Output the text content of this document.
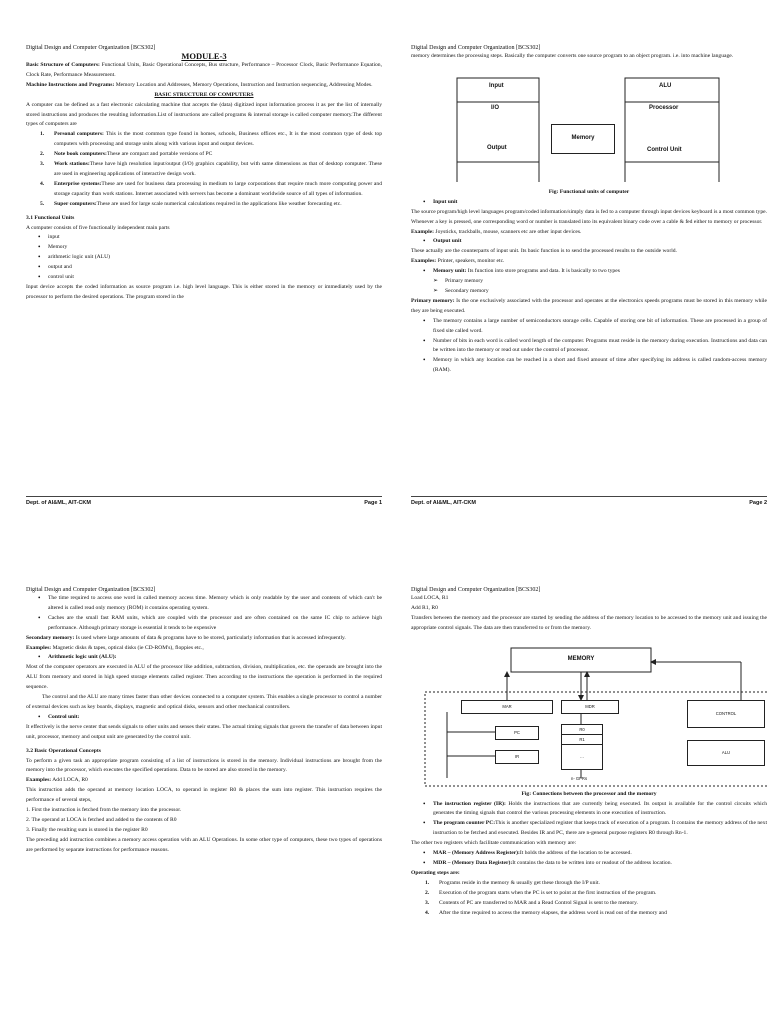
Digital Design and Computer Organization [BCS302]
MODULE-3

Basic Structure of Computers: Functional Units, Basic Operational Concepts, Bus structure, Performance – Processor Clock, Basic Performance Equation, Clock Rate, Performance Measurement.

Machine Instructions and Programs: Memory Location and Addresses, Memory Operations, Instruction and Instruction sequencing, Addressing Modes.

BASIC STRUCTURE OF COMPUTERS

A computer can be defined as a fast electronic calculating machine that accepts the (data) digitized input information process it as per the list of internally stored instructions and produces the resulting information.List of instructions are called programs & internal storage is called computer memory.The different types of computers are

1. Personal computers: This is the most common type found in homes, schools, Business offices etc., It is the most common type of desk top computers with processing and storage units along with various input and output devices.
2. Note book computers:These are compact and portable versions of PC
3. Work stations:These have high resolution input/output (I/O) graphics capability, but with same dimensions as that of desktop computer. These are used in engineering applications of interactive design work.
4. Enterprise systems:These are used for business data processing in medium to large corporations that require much more computing power and storage capacity than work stations. Internet associated with servers has become a dominant worldwide source of all types of information.
5. Super computers:These are used for large scale numerical calculations required in the applications like weather forecasting etc.
3.1 Functional Units

A computer consists of five functionally independent main parts

• input
• Memory
• arithmetic logic unit (ALU)
• output and
• control unit

Input device accepts the coded information as source program i.e. high level language. This is either stored in the memory or immediately used by the processor to perform the desired operations. The program stored in the

Dept. of AI&ML, AIT-CKM	Page 1
Digital Design and Computer Organization [BCS302]

memory determines the processing steps. Basically the computer converts one source program to an object program. i.e. into machine language.

Memory
Input
I/O
Output
ALU
Processor
Control Unit
Fig: Functional units of computer
• Input unit

The source program/high level languages program/coded information/simply data is fed to a computer through input devices keyboard is a most common type. Whenever a key is pressed, one corresponding word or number is translated into its equivalent binary code over a cable & fed either to memory or processor.

Example: Joysticks, trackballs, mouse, scanners etc are other input devices.

• Output unit

These actually are the counterparts of input unit. Its basic function is to send the processed results to the outside world.

Examples: Printer, speakers, monitor etc.

• Memory unit: Its function into store programs and data. It is basically to two types
➢ Primary memory
➢ Secondary memory

Primary memory: Is the one exclusively associated with the processor and operates at the electronics speeds programs must be stored in this memory while they are being executed.

• The memory contains a large number of semiconductors storage cells. Capable of storing one bit of information. These are processed in a group of fixed site called word.
• Number of bits in each word is called word length of the computer. Programs must reside in the memory during execution. Instructions and data can be written into the memory or read out under the control of processor.
• Memory in which any location can be reached in a short and fixed amount of time after specifying its address is called random-access memory (RAM).
Dept. of AI&ML, AIT-CKM	Page 2
Digital Design and Computer Organization [BCS302]
• The time required to access one word in called memory access time. Memory which is only readable by the user and contents of which can't be altered is called read only memory (ROM) it contains operating system.
• Caches are the small fast RAM units, which are coupled with the processor and are often contained on the same IC chip to achieve high performance. Although primary storage is essential it tends to be expensive

Secondary memory: Is used where large amounts of data & programs have to be stored, particularly information that is accessed infrequently.

Examples: Magnetic disks & tapes, optical disks (ie CD-ROM's), floppies etc.,

• Arithmetic logic unit (ALU):

Most of the computer operators are executed in ALU of the processor like addition, subtraction, division, multiplication, etc. the operands are brought into the ALU from memory and stored in high speed storage elements called register. Then according to the instructions the operation is performed in the required sequence.

The control and the ALU are many times faster than other devices connected to a computer system. This enables a single processor to control a number of external devices such as key boards, displays, magnetic and optical disks, sensors and other mechanical controllers.

• Control unit:

It effectively is the nerve center that sends signals to other units and senses their states. The actual timing signals that govern the transfer of data between input unit, processor, memory and output unit are generated by the control unit.

3.2 Basic Operational Concepts

To perform a given task an appropriate program consisting of a list of instructions is stored in the memory. Individual instructions are brought from the memory into the processor, which executes the specified operations. Data to be stored are also stored in the memory.

Examples: Add LOCA, R0

This instruction adds the operand at memory location LOCA, to operand in register R0 & places the sum into register. This instruction requires the performance of several steps,

1. First the instruction is fetched from the memory into the processor.

2. The operand at LOCA is fetched and added to the contents of R0

3. Finally the resulting sum is stored in the register R0

The preceding add instruction combines a memory access operation with an ALU Operations. In some other type of computers, these two types of operations are performed by separate instructions for performance reasons.

Digital Design and Computer Organization [BCS302]

Load LOCA, R1

Add R1, R0

Transfers between the memory and the processor are started by sending the address of the memory location to be accessed to the memory unit and issuing the appropriate control signals. The data are then transferred to or from the memory.

MEMORY
MAR	MDR
CONTROL
PC
IR
R0
R1
…
ALU
n- GPRs
Fig: Connections between the processor and the memory
• The instruction register (IR): Holds the instructions that are currently being executed. Its output is available for the control circuits which generates the timing signals that control the various processing elements in one execution of instruction.
• The program counter PC:This is another specialized register that keeps track of execution of a program. It contains the memory address of the next instruction to be fetched and executed. Besides IR and PC, there are n-general purpose registers R0 through Rn-1.

The other two registers which facilitate communication with memory are:

• MAR – (Memory Address Register):It holds the address of the location to be accessed.
• MDR – (Memory Data Register):It contains the data to be written into or readout of the address location.
Operating steps are:
1. Programs reside in the memory & usually get these through the I/P unit.
2. Execution of the program starts when the PC is set to point at the first instruction of the program.
3. Contents of PC are transferred to MAR and a Read Control Signal is sent to the memory.
4. After the time required to access the memory elapses, the address word is read out of the memory and
